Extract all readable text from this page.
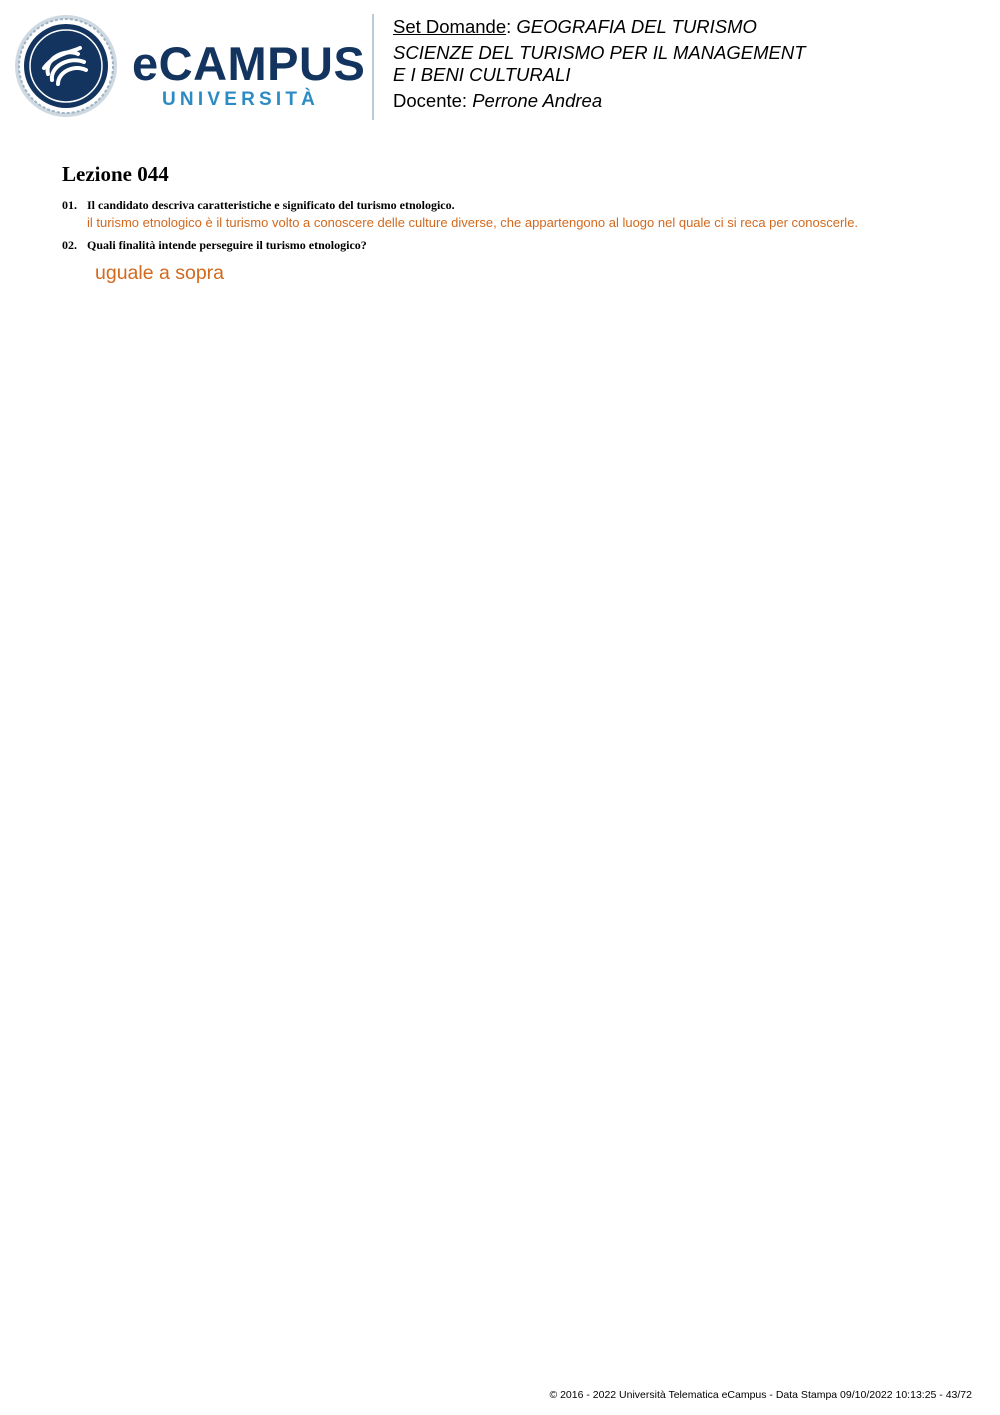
eCAMPUS
UNIVERSITÀ
Set Domande: GEOGRAFIA DEL TURISMO
SCIENZE DEL TURISMO PER IL MANAGEMENT
E I BENI CULTURALI
Docente: Perrone Andrea
Lezione 044
01. Il candidato descriva caratteristiche e significato del turismo etnologico.
il turismo etnologico è il turismo volto a conoscere delle culture diverse, che appartengono al luogo nel quale ci si reca per conoscerle.
02. Quali finalità intende perseguire il turismo etnologico?
uguale a sopra
© 2016 - 2022 Università Telematica eCampus - Data Stampa 09/10/2022 10:13:25 - 43/72
